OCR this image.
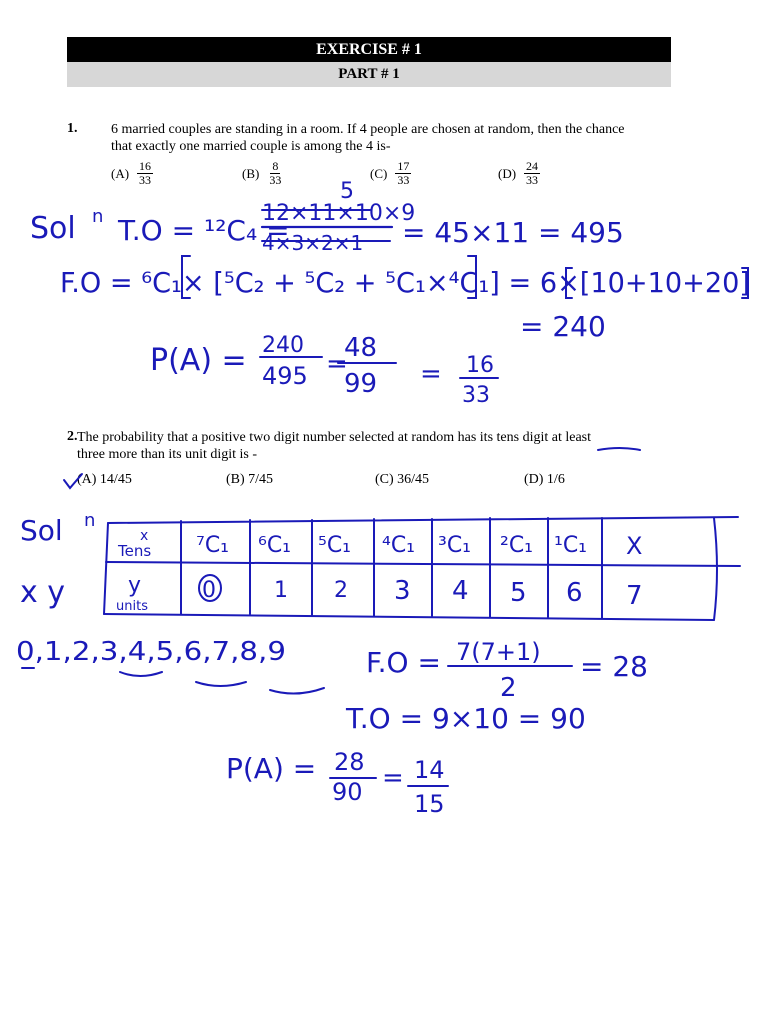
EXERCISE # 1
PART # 1
1. 6 married couples are standing in a room. If 4 people are chosen at random, then the chance
that exactly one married couple is among the 4 is-
$(A) \frac{16}{33}$	$(B) \frac{8}{33}$	$(C) \frac{17}{33}$	$(D) \frac{24}{33}$
2. The probability that a positive two digit number selected at random has its tens digit at least
three more than its unit digit is -
(A) 14/45	(B) 7/45	(C) 36/45	(D) 1/6
Sol n T.O = ¹²C₄ =
5
12×11×10×9
4×3×2×1 = 45×11 = 495
F.O = ⁶C₁× [⁵C₂ + ⁵C₂ + ⁵C₁×⁴C₁] = 6×[10+10+20]
= 240
P(A) = 240
495 =
48
99 = 16
33
Sol n
x y
x
Tens ⁷C₁ ⁶C₁ ⁵C₁ ⁴C₁ ³C₁ ²C₁ ¹C₁ X
y
units
0	1 2 3 4 5 6 7
0,1,2,3,4,5,6,7,8,9	F.O = 7(7+1)
2
= 28
T.O = 9×10 = 90
P(A) = 28
90 = 14
15
